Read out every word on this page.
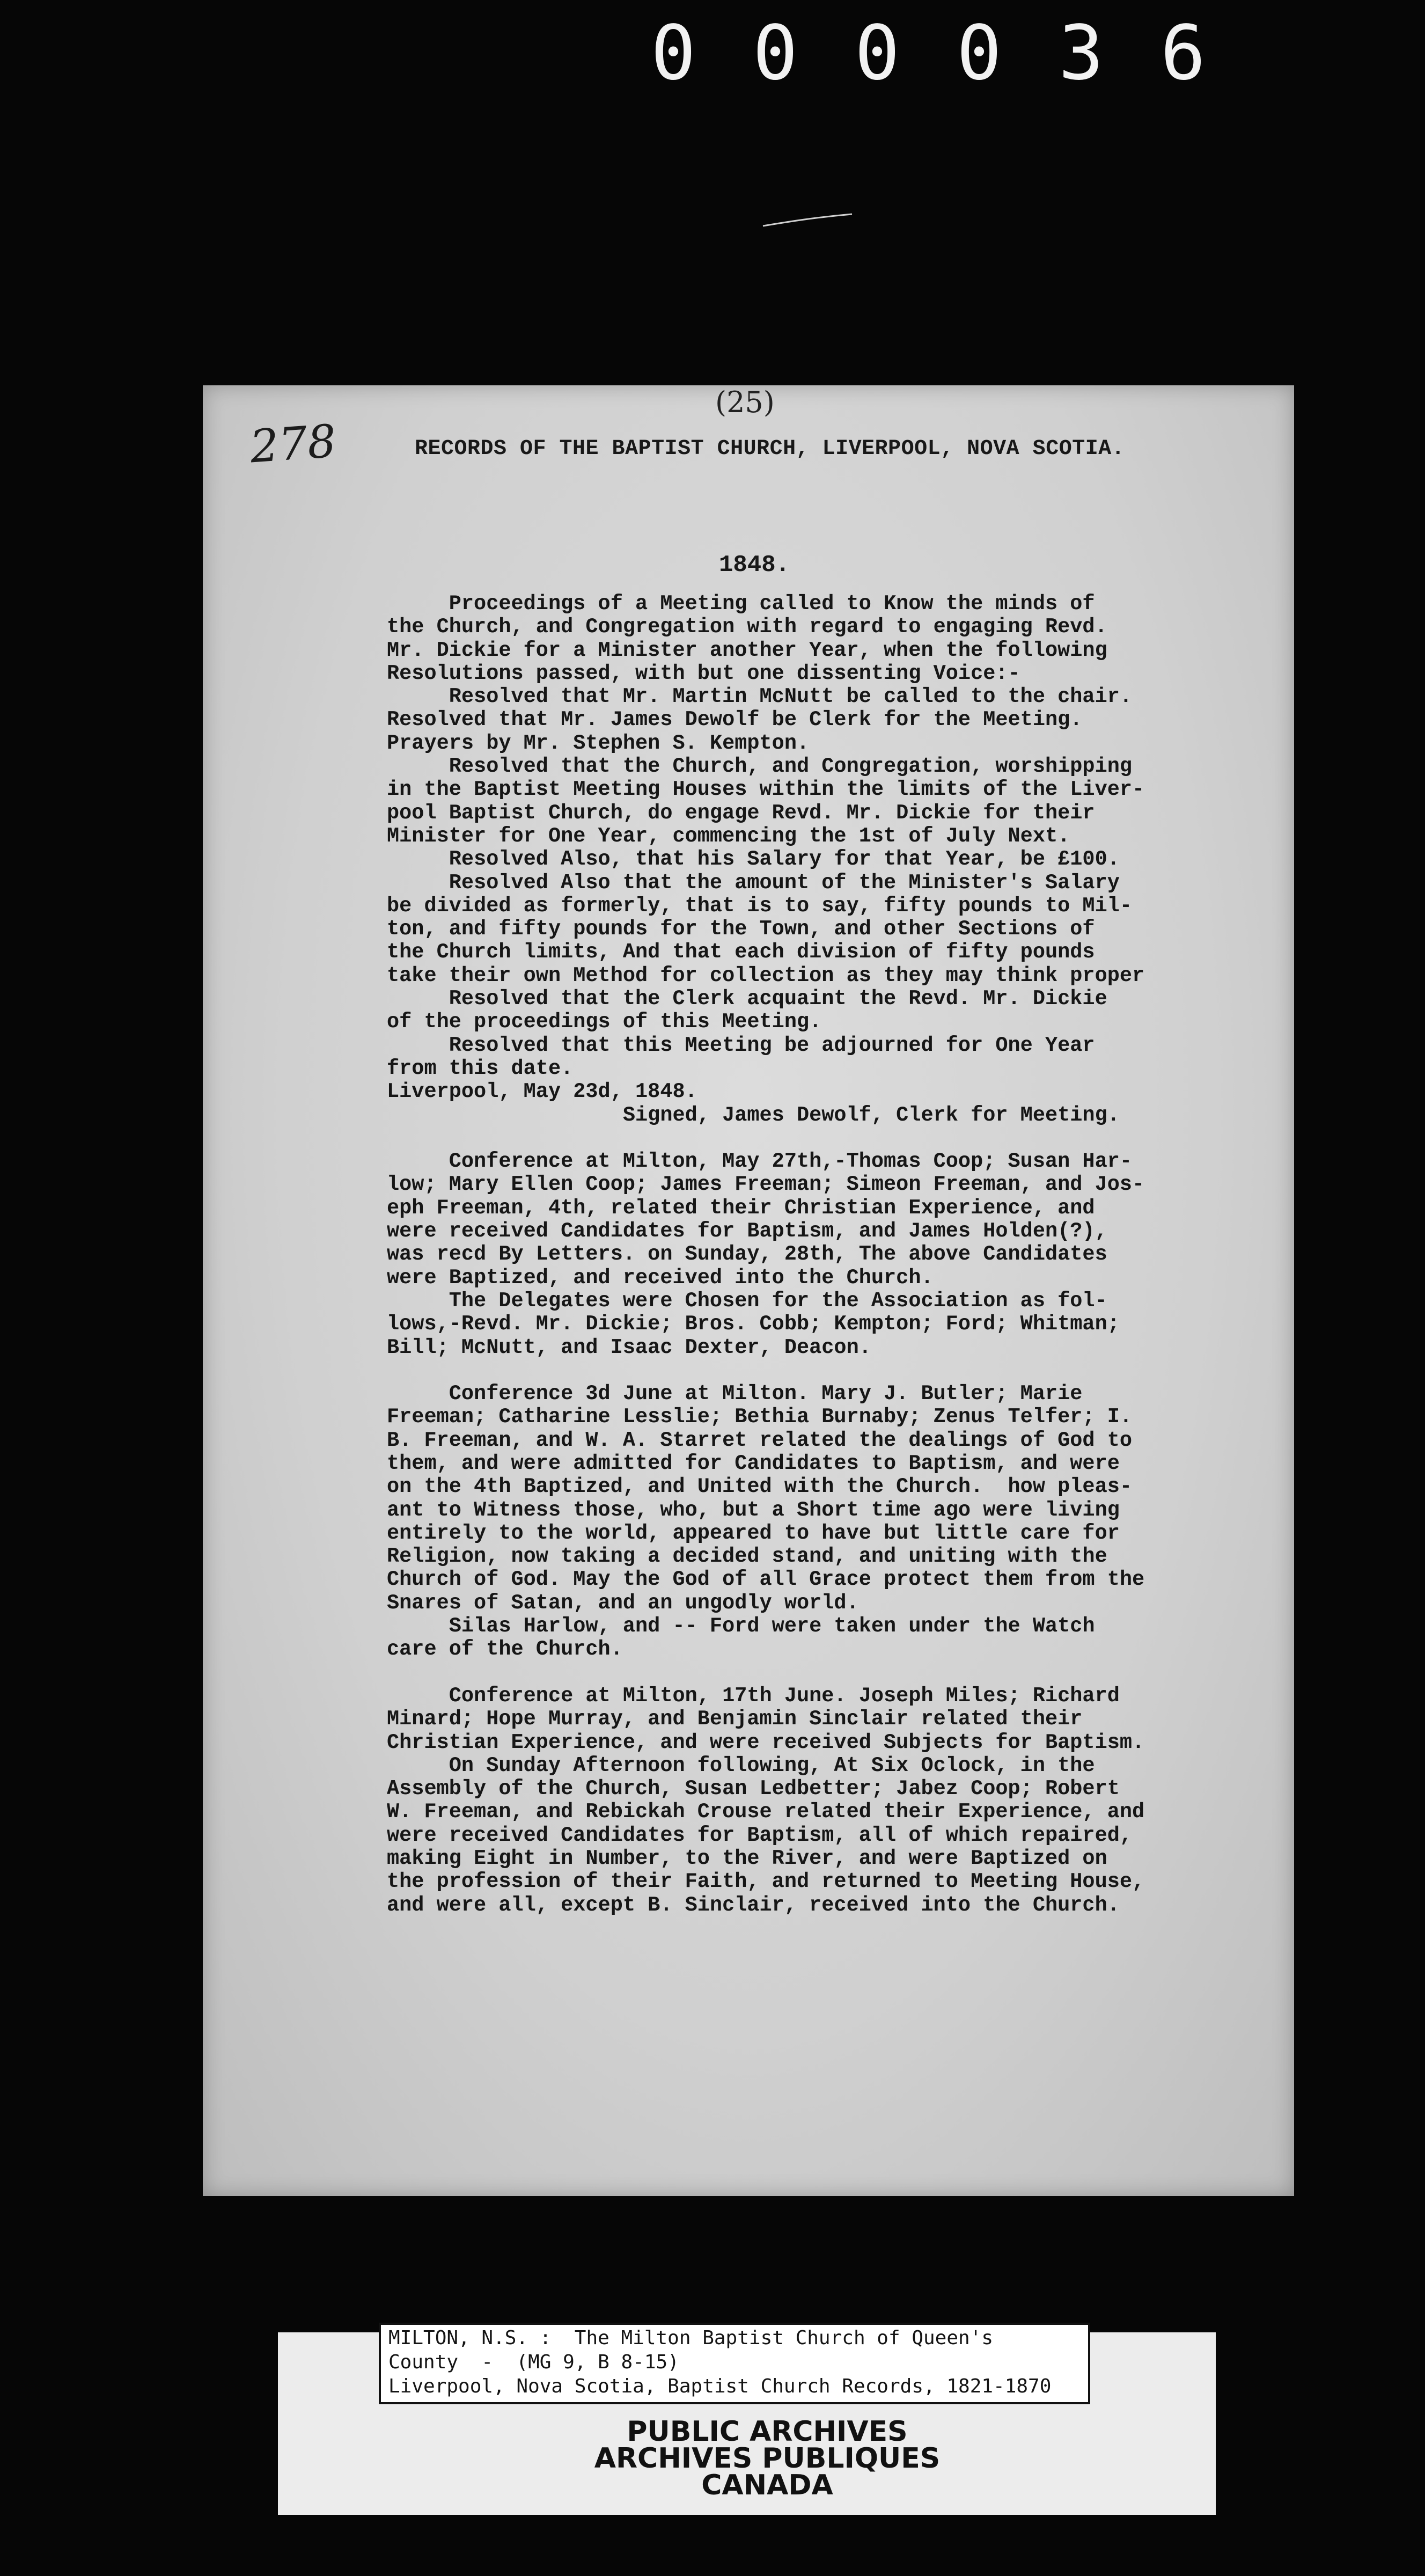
0 0 0 0 3 6
(25)
278	RECORDS OF THE BAPTIST CHURCH, LIVERPOOL, NOVA SCOTIA.
1848.
Proceedings of a Meeting called to Know the minds of
the Church, and Congregation with regard to engaging Revd.
Mr. Dickie for a Minister another Year, when the following
Resolutions passed, with but one dissenting Voice:-
Resolved that Mr. Martin McNutt be called to the chair.
Resolved that Mr. James Dewolf be Clerk for the Meeting.
Prayers by Mr. Stephen S. Kempton.
Resolved that the Church, and Congregation, worshipping
in the Baptist Meeting Houses within the limits of the Liver-
pool Baptist Church, do engage Revd. Mr. Dickie for their
Minister for One Year, commencing the 1st of July Next.
Resolved Also, that his Salary for that Year, be £100.
Resolved Also that the amount of the Minister's Salary
be divided as formerly, that is to say, fifty pounds to Mil-
ton, and fifty pounds for the Town, and other Sections of
the Church limits, And that each division of fifty pounds
take their own Method for collection as they may think proper
Resolved that the Clerk acquaint the Revd. Mr. Dickie
of the proceedings of this Meeting.
Resolved that this Meeting be adjourned for One Year
from this date.
Liverpool, May 23d, 1848.
Signed, James Dewolf, Clerk for Meeting.

Conference at Milton, May 27th,-Thomas Coop; Susan Har-
low; Mary Ellen Coop; James Freeman; Simeon Freeman, and Jos-
eph Freeman, 4th, related their Christian Experience, and
were received Candidates for Baptism, and James Holden(?),
was recd By Letters. on Sunday, 28th, The above Candidates
were Baptized, and received into the Church.
The Delegates were Chosen for the Association as fol-
lows,-Revd. Mr. Dickie; Bros. Cobb; Kempton; Ford; Whitman;
Bill; McNutt, and Isaac Dexter, Deacon.

Conference 3d June at Milton. Mary J. Butler; Marie
Freeman; Catharine Lesslie; Bethia Burnaby; Zenus Telfer; I.
B. Freeman, and W. A. Starret related the dealings of God to
them, and were admitted for Candidates to Baptism, and were
on the 4th Baptized, and United with the Church.  how pleas-
ant to Witness those, who, but a Short time ago were living
entirely to the world, appeared to have but little care for
Religion, now taking a decided stand, and uniting with the
Church of God. May the God of all Grace protect them from the
Snares of Satan, and an ungodly world.
Silas Harlow, and -- Ford were taken under the Watch
care of the Church.

Conference at Milton, 17th June. Joseph Miles; Richard
Minard; Hope Murray, and Benjamin Sinclair related their
Christian Experience, and were received Subjects for Baptism.
On Sunday Afternoon following, At Six Oclock, in the
Assembly of the Church, Susan Ledbetter; Jabez Coop; Robert
W. Freeman, and Rebickah Crouse related their Experience, and
were received Candidates for Baptism, all of which repaired,
making Eight in Number, to the River, and were Baptized on
the profession of their Faith, and returned to Meeting House,
and were all, except B. Sinclair, received into the Church.
MILTON, N.S. :  The Milton Baptist Church of Queen's
County  -  (MG 9, B 8-15)
Liverpool, Nova Scotia, Baptist Church Records, 1821-1870
PUBLIC ARCHIVES
ARCHIVES PUBLIQUES
CANADA
